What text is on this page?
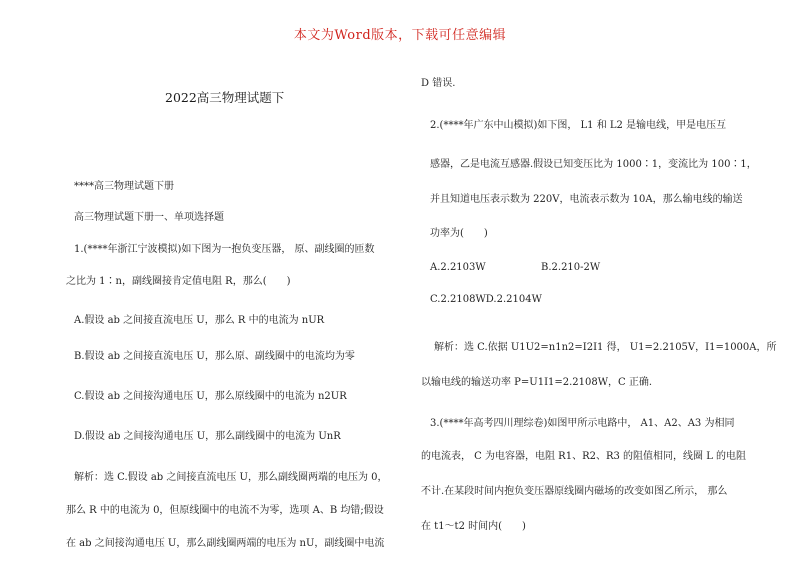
本文为Word版本，下载可任意编辑
2022高三物理试题下

****高三物理试题下册

高三物理试题下册一、单项选择题

1.(****年浙江宁波模拟)如下图为一抱负变压器， 原、副线圈的匝数

之比为 1∶n，副线圈接肯定值电阻 R，那么(　　)

A.假设 ab 之间接直流电压 U，那么 R 中的电流为 nUR

B.假设 ab 之间接直流电压 U，那么原、副线圈中的电流均为零

C.假设 ab 之间接沟通电压 U，那么原线圈中的电流为 n2UR

D.假设 ab 之间接沟通电压 U，那么副线圈中的电流为 UnR

解析：选 C.假设 ab 之间接直流电压 U，那么副线圈两端的电压为 0，

那么 R 中的电流为 0，但原线圈中的电流不为零，选项 A、B 均错;假设

在 ab 之间接沟通电压 U，那么副线圈两端的电压为 nU，副线圈中电流

D 错误.

2.(****年广东中山模拟)如下图， L1 和 L2 是输电线，甲是电压互

感器，乙是电流互感器.假设已知变压比为 1000∶1，变流比为 100∶1，

并且知道电压表示数为 220V，电流表示数为 10A，那么输电线的输送

功率为(　　)

A.2.2103W	B.2.210-2W

C.2.2108WD.2.2104W

解析：选 C.依据 U1U2=n1n2=I2I1 得， U1=2.2105V，I1=1000A，所

以输电线的输送功率 P=U1I1=2.2108W，C 正确.

3.(****年高考四川理综卷)如图甲所示电路中， A1、A2、A3 为相同

的电流表， C 为电容器，电阻 R1、R2、R3 的阻值相同，线圈 L 的电阻

不计.在某段时间内抱负变压器原线圈内磁场的改变如图乙所示， 那么

在 t1～t2 时间内(　　)
